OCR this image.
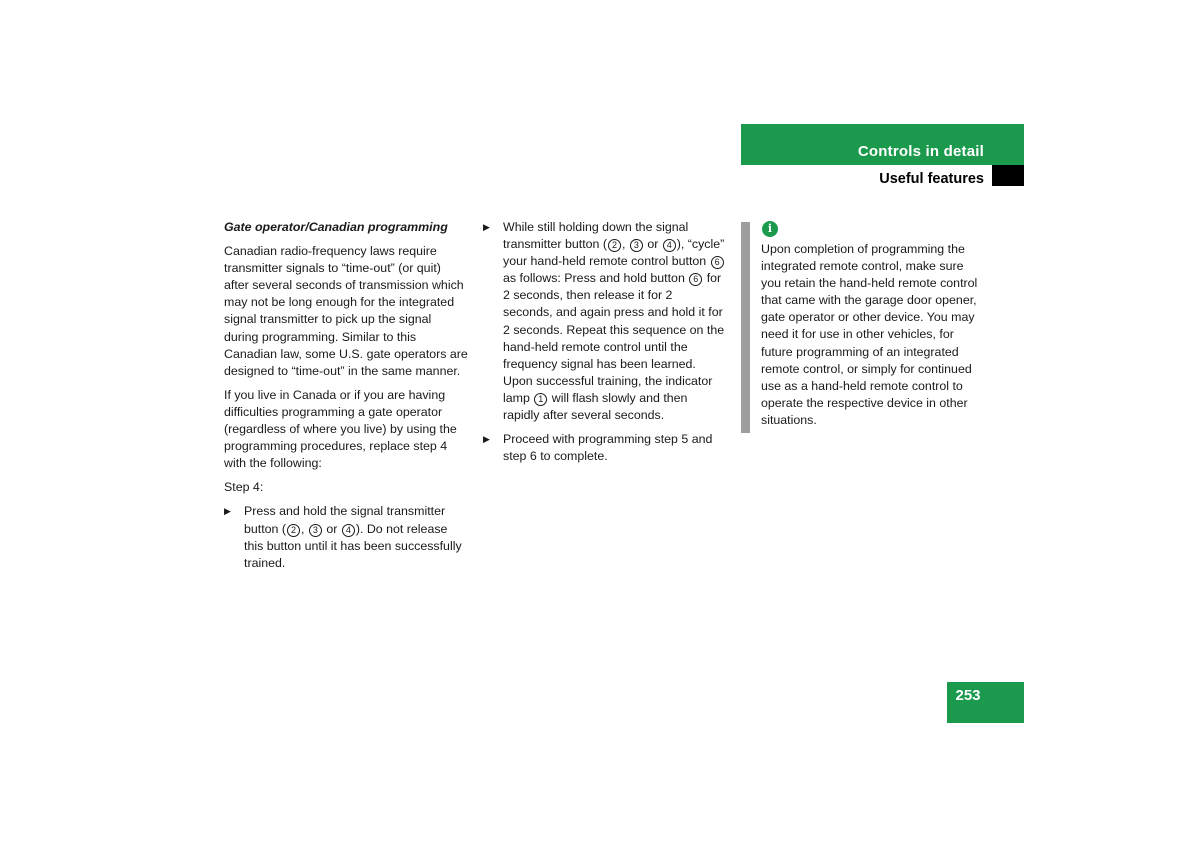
Controls in detail
Useful features

Gate operator/Canadian programming

Canadian radio-frequency laws require transmitter signals to “time-out” (or quit) after several seconds of transmission which may not be long enough for the integrated signal transmitter to pick up the signal during programming. Similar to this Canadian law, some U.S. gate operators are designed to “time-out” in the same manner.

If you live in Canada or if you are having difficulties programming a gate operator (regardless of where you live) by using the programming procedures, replace step 4 with the following:

Step 4:

▶ Press and hold the signal transmitter button ( 2 , 3 or 4 ). Do not release this button until it has been successfully trained.
▶ While still holding down the signal transmitter button ( 2 , 3 or 4 ), “cycle” your hand-held remote control button 6 as follows: Press and hold button 6 for 2 seconds, then release it for 2 seconds, and again press and hold it for 2 seconds. Repeat this sequence on the hand-held remote control until the frequency signal has been learned. Upon successful training, the indicator lamp 1 will flash slowly and then rapidly after several seconds.
▶ Proceed with programming step 5 and step 6 to complete.
i

Upon completion of programming the integrated remote control, make sure you retain the hand-held remote control that came with the garage door opener, gate operator or other device. You may need it for use in other vehicles, for future programming of an integrated remote control, or simply for continued use as a hand-held remote control to operate the respective device in other situations.

253
